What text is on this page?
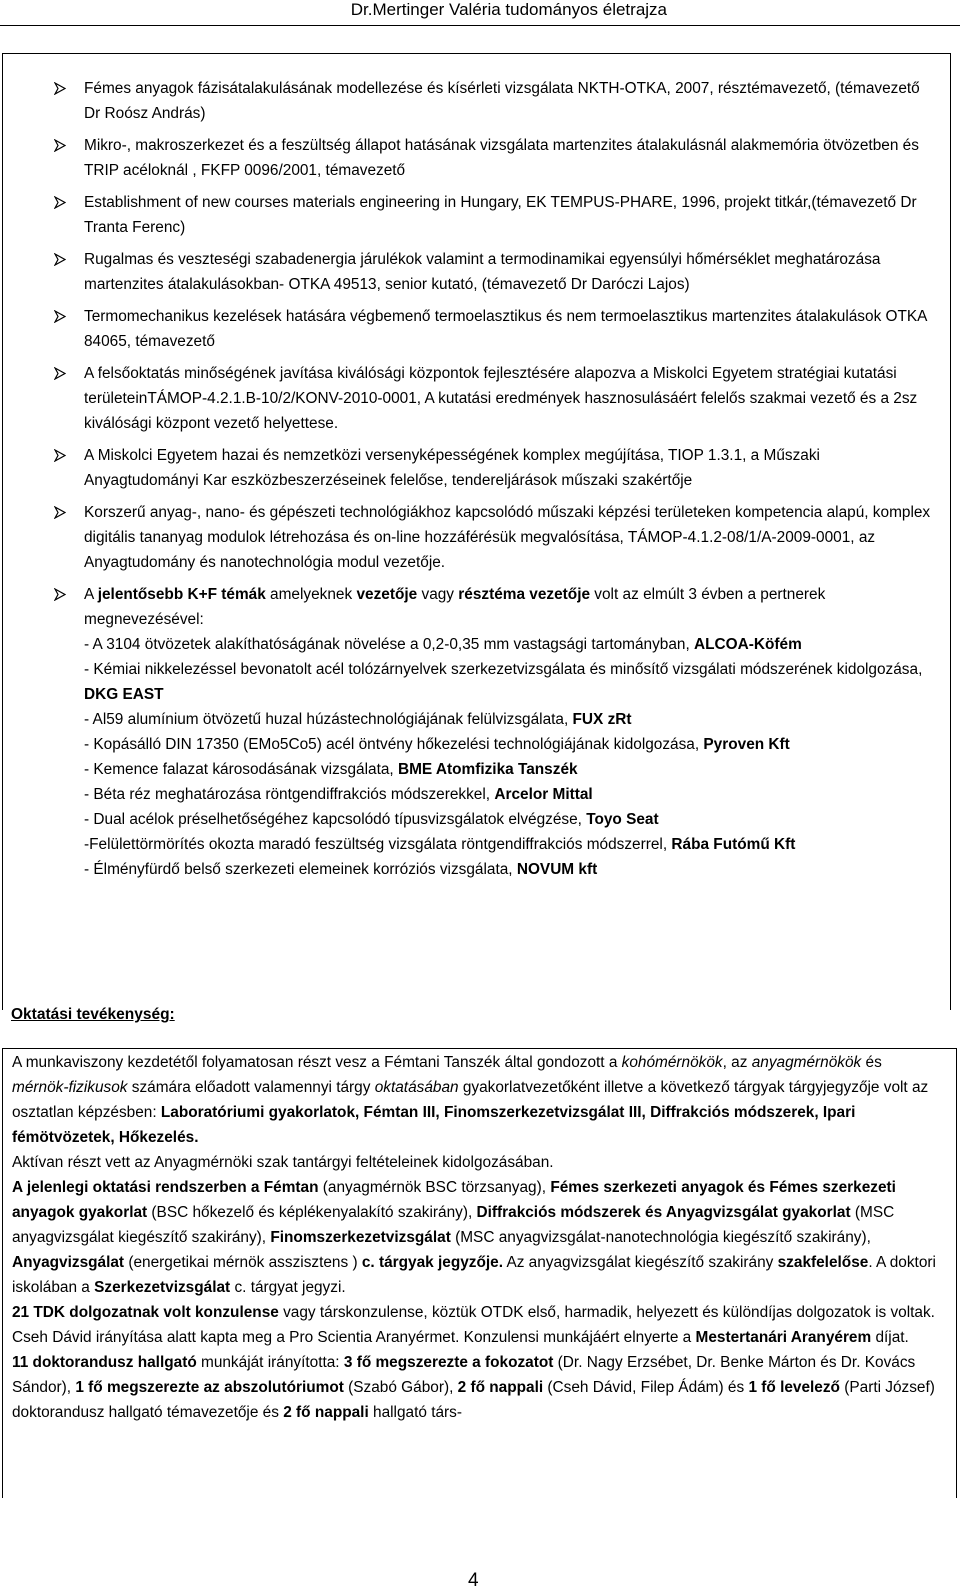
Dr.Mertinger Valéria tudományos életrajza
Fémes anyagok fázisátalakulásának modellezése és kísérleti vizsgálata NKTH-OTKA, 2007, résztémavezető, (témavezető Dr Roósz András)
Mikro-, makroszerkezet és a feszültség állapot hatásának vizsgálata martenzites átalakulásnál alakmemória ötvözetben és TRIP acéloknál , FKFP 0096/2001, témavezető
Establishment of new courses materials engineering in Hungary, EK TEMPUS-PHARE, 1996, projekt titkár,(témavezető Dr Tranta Ferenc)
Rugalmas és veszteségi szabadenergia járulékok valamint a termodinamikai egyensúlyi hőmérséklet meghatározása martenzites átalakulásokban- OTKA 49513, senior kutató, (témavezető Dr Daróczi Lajos)
Termomechanikus kezelések hatására végbemenő termoelasztikus és nem termoelasztikus martenzites átalakulások OTKA 84065, témavezető
A felsőoktatás minőségének javítása kiválósági központok fejlesztésére alapozva a Miskolci Egyetem stratégiai kutatási területeinTÁMOP-4.2.1.B-10/2/KONV-2010-0001, A kutatási eredmények hasznosulásáért felelős szakmai vezető és a 2sz kiválósági központ vezető helyettese.
A Miskolci Egyetem hazai és nemzetközi versenyképességének komplex megújítása, TIOP 1.3.1, a Műszaki Anyagtudományi Kar eszközbeszerzéseinek felelőse, tendereljárások műszaki szakértője
Korszerű anyag-, nano- és gépészeti technológiákhoz kapcsolódó műszaki képzési területeken kompetencia alapú, komplex digitális tananyag modulok létrehozása és on-line hozzáférésük megvalósítása, TÁMOP-4.1.2-08/1/A-2009-0001, az Anyagtudomány és nanotechnológia modul vezetője.
A jelentősebb K+F témák amelyeknek vezetője vagy résztéma vezetője volt az elmúlt 3 évben a pertnerek megnevezésével:
- A 3104 ötvözetek alakíthatóságának növelése a 0,2-0,35 mm vastagsági tartományban, ALCOA-Köfém
- Kémiai nikkelezéssel bevonatolt acél tolózárnyelvek szerkezetvizsgálata és minősítő vizsgálati módszerének kidolgozása, DKG EAST
- Al59 alumínium ötvözetű huzal húzástechnológiájának felülvizsgálata, FUX zRt
- Kopásálló DIN 17350 (EMo5Co5) acél öntvény hőkezelési technológiájának kidolgozása, Pyroven Kft
- Kemence falazat károsodásának vizsgálata, BME Atomfizika Tanszék
- Béta réz meghatározása röntgendiffrakciós módszerekkel, Arcelor Mittal
- Dual acélok préselhetőségéhez kapcsolódó típusvizsgálatok elvégzése, Toyo Seat
-Felülettörmörítés okozta maradó feszültség vizsgálata röntgendiffrakciós módszerrel, Rába Futómű Kft
- Élményfürdő belső szerkezeti elemeinek korróziós vizsgálata, NOVUM kft
Oktatási tevékenység:

A munkaviszony kezdetétől folyamatosan részt vesz a Fémtani Tanszék által gondozott a kohómérnökök, az anyagmérnökök és mérnök-fizikusok számára előadott valamennyi tárgy oktatásában gyakorlatvezetőként illetve a következő tárgyak tárgyjegyzője volt az osztatlan képzésben: Laboratóriumi gyakorlatok, Fémtan III, Finomszerkezetvizsgálat III, Diffrakciós módszerek, Ipari fémötvözetek, Hőkezelés.

Aktívan részt vett az Anyagmérnöki szak tantárgyi feltételeinek kidolgozásában.

A jelenlegi oktatási rendszerben a Fémtan (anyagmérnök BSC törzsanyag), Fémes szerkezeti anyagok és Fémes szerkezeti anyagok gyakorlat (BSC hőkezelő és képlékenyalakító szakirány), Diffrakciós módszerek és Anyagvizsgálat gyakorlat (MSC anyagvizsgálat kiegészítő szakirány), Finomszerkezetvizsgálat (MSC anyagvizsgálat-nanotechnológia kiegészítő szakirány), Anyagvizsgálat (energetikai mérnök asszisztens ) c. tárgyak jegyzője. Az anyagvizsgálat kiegészítő szakirány szakfelelőse. A doktori iskolában a Szerkezetvizsgálat c. tárgyat jegyzi.

21 TDK dolgozatnak volt konzulense vagy társkonzulense, köztük OTDK első, harmadik, helyezett és különdíjas dolgozatok is voltak. Cseh Dávid irányítása alatt kapta meg a Pro Scientia Aranyérmet. Konzulensi munkájáért elnyerte a Mestertanári Aranyérem díjat.

11 doktorandusz hallgató munkáját irányította: 3 fő megszerezte a fokozatot (Dr. Nagy Erzsébet, Dr. Benke Márton és Dr. Kovács Sándor), 1 fő megszerezte az abszolutóriumot (Szabó Gábor), 2 fő nappali (Cseh Dávid, Filep Ádám) és 1 fő levelező (Parti József) doktorandusz hallgató témavezetője és 2 fő nappali hallgató társ-

4
